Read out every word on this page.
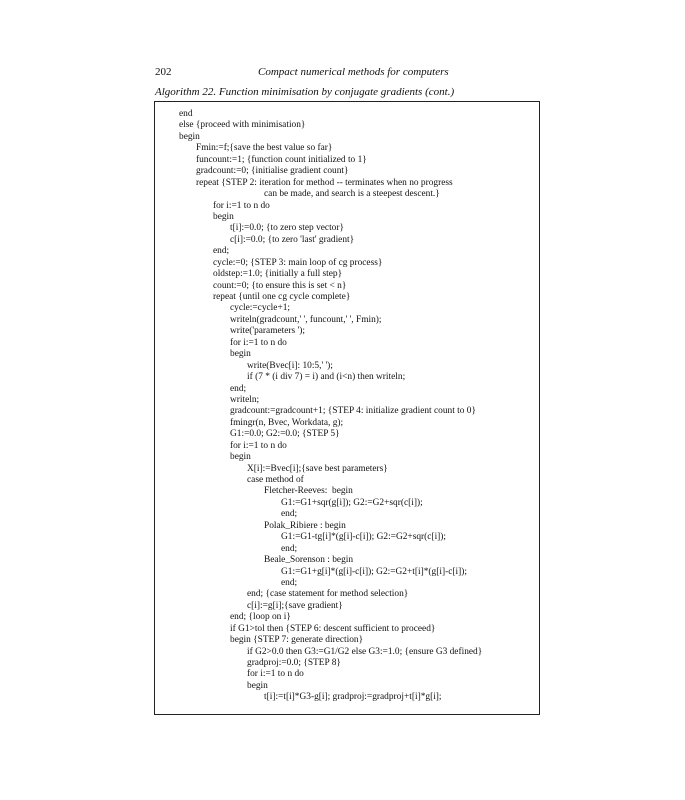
202	Compact numerical methods for computers
Algorithm 22. Function minimisation by conjugate gradients (cont.)
end
else {proceed with minimisation}
begin
Fmin:=f;{save the best value so far}
funcount:=1; {function count initialized to 1}
gradcount:=0; {initialise gradient count}
repeat {STEP 2: iteration for method -- terminates when no progress
can be made, and search is a steepest descent.}
for i:=1 to n do
begin
t[i]:=0.0; {to zero step vector}
c[i]:=0.0; {to zero 'last' gradient}
end;
cycle:=0; {STEP 3: main loop of cg process}
oldstep:=1.0; {initially a full step}
count:=0; {to ensure this is set < n}
repeat {until one cg cycle complete}
cycle:=cycle+1;
writeln(gradcount,' ', funcount,' ', Fmin);
write('parameters ');
for i:=1 to n do
begin
write(Bvec[i]: 10:5,' ');
if (7 * (i div 7) = i) and (i<n) then writeln;
end;
writeln;
gradcount:=gradcount+1; {STEP 4: initialize gradient count to 0}
fmingr(n, Bvec, Workdata, g);
G1:=0.0; G2:=0.0; {STEP 5}
for i:=1 to n do
begin
X[i]:=Bvec[i];{save best parameters}
case method of
Fletcher-Reeves:  begin
G1:=G1+sqr(g[i]); G2:=G2+sqr(c[i]);
end;
Polak_Ribiere : begin
G1:=G1-tg[i]*(g[i]-c[i]); G2:=G2+sqr(c[i]);
end;
Beale_Sorenson : begin
G1:=G1+g[i]*(g[i]-c[i]); G2:=G2+t[i]*(g[i]-c[i]);
end;
end; {case statement for method selection}
c[i]:=g[i];{save gradient}
end; {loop on i}
if G1>tol then {STEP 6: descent sufficient to proceed}
begin {STEP 7: generate direction}
if G2>0.0 then G3:=G1/G2 else G3:=1.0; {ensure G3 defined}
gradproj:=0.0; {STEP 8}
for i:=1 to n do
begin
t[i]:=t[i]*G3-g[i]; gradproj:=gradproj+t[i]*g[i];
